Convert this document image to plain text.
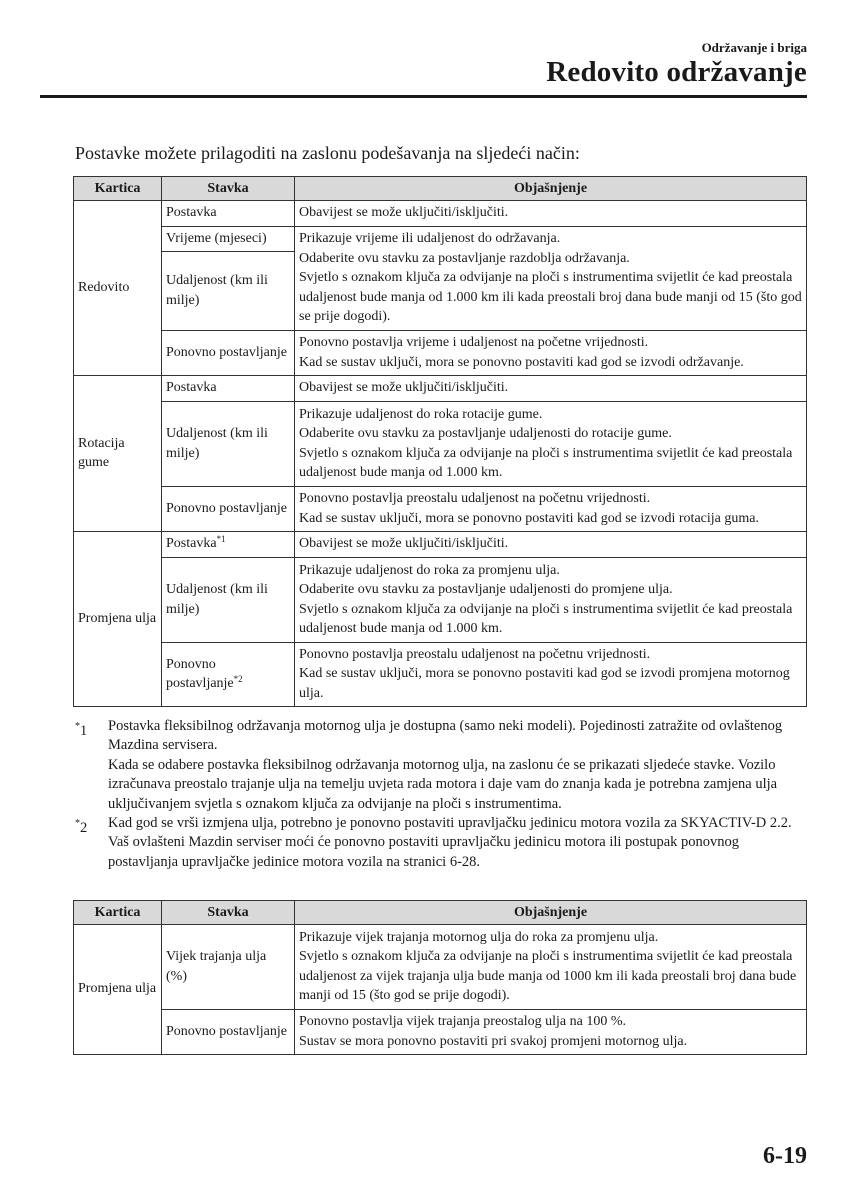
Održavanje i briga
Redovito održavanje
Postavke možete prilagoditi na zaslonu podešavanja na sljedeći način:
Kartica	Stavka	Objašnjenje
Redovito	Postavka	Obavijest se može uključiti/isključiti.
	Vrijeme (mjeseci)	Prikazuje vrijeme ili udaljenost do održavanja.
Odaberite ovu stavku za postavljanje razdoblja održavanja.
Svjetlo s oznakom ključa za odvijanje na ploči s instrumentima svijetlit će kad preostala udaljenost bude manja od 1.000 km ili kada preostali broj dana bude manji od 15 (što god se prije dogodi).
	Udaljenost (km ili milje)	
	Ponovno postavljanje	Ponovno postavlja vrijeme i udaljenost na početne vrijednosti.
Kad se sustav uključi, mora se ponovno postaviti kad god se izvodi održavanje.
Rotacija gume	Postavka	Obavijest se može uključiti/isključiti.
	Udaljenost (km ili milje)	Prikazuje udaljenost do roka rotacije gume.
Odaberite ovu stavku za postavljanje udaljenosti do rotacije gume.
Svjetlo s oznakom ključa za odvijanje na ploči s instrumentima svijetlit će kad preostala udaljenost bude manja od 1.000 km.
	Ponovno postavljanje	Ponovno postavlja preostalu udaljenost na početnu vrijednosti.
Kad se sustav uključi, mora se ponovno postaviti kad god se izvodi rotacija guma.
Promjena ulja	Postavka$^{*1}$	Obavijest se može uključiti/isključiti.
	Udaljenost (km ili milje)	Prikazuje udaljenost do roka za promjenu ulja.
Odaberite ovu stavku za postavljanje udaljenosti do promjene ulja.
Svjetlo s oznakom ključa za odvijanje na ploči s instrumentima svijetlit će kad preostala udaljenost bude manja od 1.000 km.
	Ponovno postavljanje$^{*2}$	Ponovno postavlja preostalu udaljenost na početnu vrijednosti.
Kad se sustav uključi, mora se ponovno postaviti kad god se izvodi promjena motornog ulja.
*1 Postavka fleksibilnog održavanja motornog ulja je dostupna (samo neki modeli). Pojedinosti zatražite od ovlaštenog Mazdina servisera.
Kada se odabere postavka fleksibilnog održavanja motornog ulja, na zaslonu će se prikazati sljedeće stavke. Vozilo izračunava preostalo trajanje ulja na temelju uvjeta rada motora i daje vam do znanja kada je potrebna zamjena ulja uključivanjem svjetla s oznakom ključa za odvijanje na ploči s instrumentima.
*2 Kad god se vrši izmjena ulja, potrebno je ponovno postaviti upravljačku jedinicu motora vozila za SKYACTIV-D 2.2.
Vaš ovlašteni Mazdin serviser moći će ponovno postaviti upravljačku jedinicu motora ili postupak ponovnog postavljanja upravljačke jedinice motora vozila na stranici 6-28.
Kartica	Stavka	Objašnjenje
Promjena ulja	Vijek trajanja ulja (%)	Prikazuje vijek trajanja motornog ulja do roka za promjenu ulja.
Svjetlo s oznakom ključa za odvijanje na ploči s instrumentima svijetlit će kad preostala udaljenost za vijek trajanja ulja bude manja od 1000 km ili kada preostali broj dana bude manji od 15 (što god se prije dogodi).
	Ponovno postavljanje	Ponovno postavlja vijek trajanja preostalog ulja na 100 %.
Sustav se mora ponovno postaviti pri svakoj promjeni motornog ulja.
6-19
